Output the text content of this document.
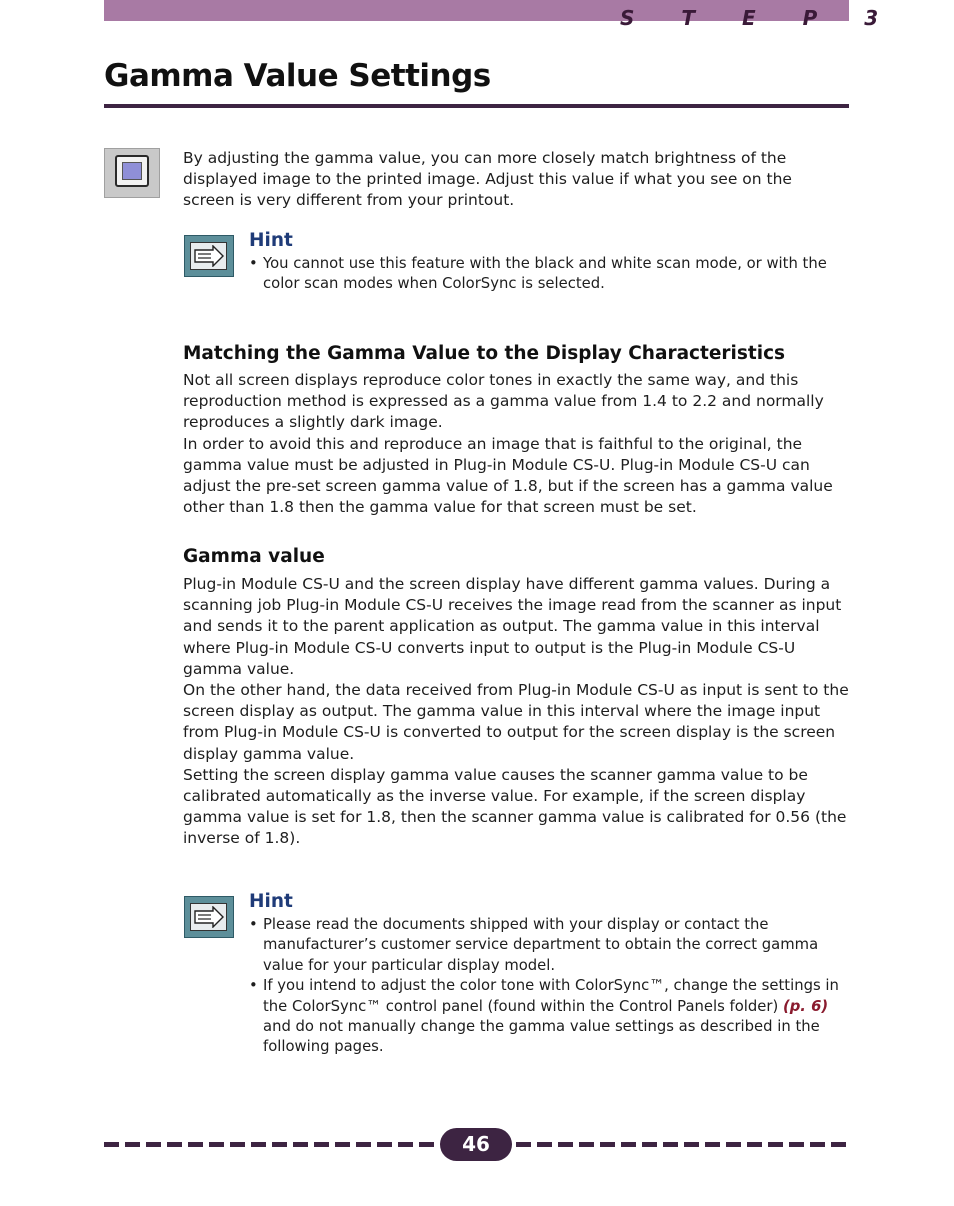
S T E P 3
Gamma Value Settings

By adjusting the gamma value, you can more closely match brightness of the displayed image to the printed image. Adjust this value if what you see on the screen is very different from your printout.

Hint
• You cannot use this feature with the black and white scan mode, or with the color scan modes when ColorSync is selected.
Matching the Gamma Value to the Display Characteristics

Not all screen displays reproduce color tones in exactly the same way, and this reproduction method is expressed as a gamma value from 1.4 to 2.2 and normally reproduces a slightly dark image.

In order to avoid this and reproduce an image that is faithful to the original, the gamma value must be adjusted in Plug-in Module CS-U. Plug-in Module CS-U can adjust the pre-set screen gamma value of 1.8, but if the screen has a gamma value other than 1.8 then the gamma value for that screen must be set.

Gamma value

Plug-in Module CS-U and the screen display have different gamma values. During a scanning job Plug-in Module CS-U receives the image read from the scanner as input and sends it to the parent application as output. The gamma value in this interval where Plug-in Module CS-U converts input to output is the Plug-in Module CS-U gamma value.

On the other hand, the data received from Plug-in Module CS-U as input is sent to the screen display as output. The gamma value in this interval where the image input from Plug-in Module CS-U is converted to output for the screen display is the screen display gamma value.

Setting the screen display gamma value causes the scanner gamma value to be calibrated automatically as the inverse value. For example, if the screen display gamma value is set for 1.8, then the scanner gamma value is calibrated for 0.56 (the inverse of 1.8).

Hint
• Please read the documents shipped with your display or contact the manufacturer’s customer service department to obtain the correct gamma value for your particular display model.
• If you intend to adjust the color tone with ColorSync™, change the settings in the ColorSync™ control panel (found within the Control Panels folder) (p. 6) and do not manually change the gamma value settings as described in the following pages.
46
